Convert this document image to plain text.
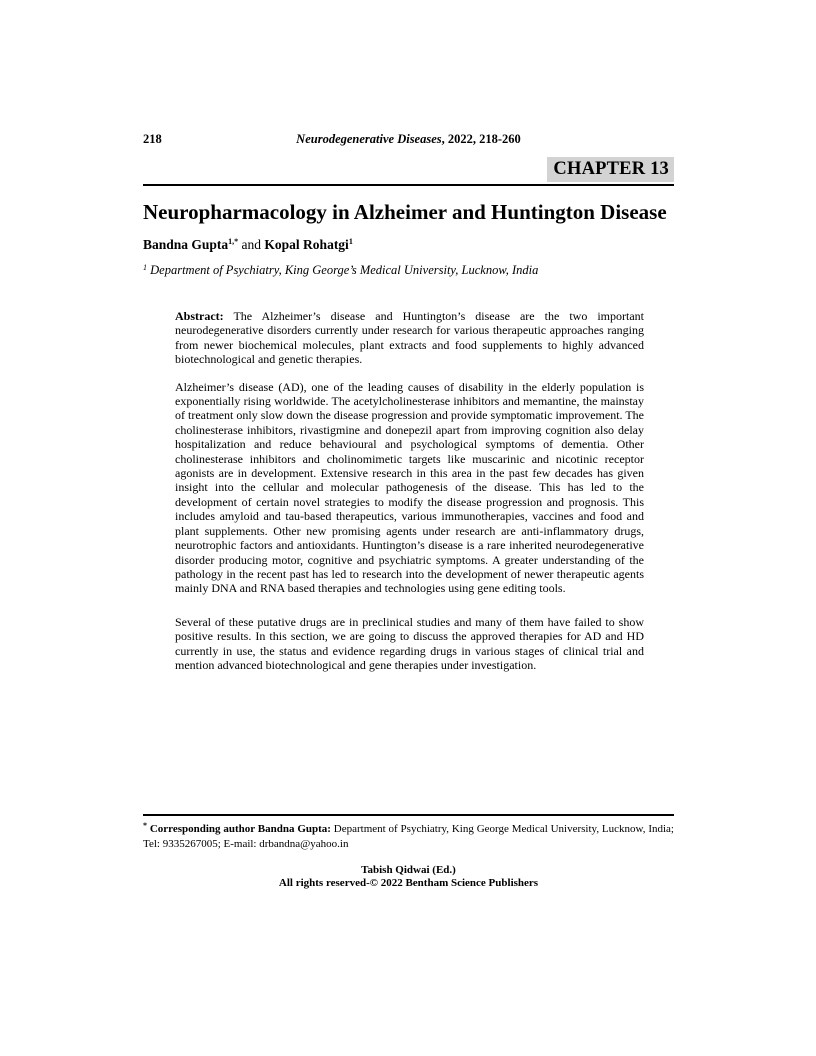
218	Neurodegenerative Diseases, 2022, 218-260
CHAPTER 13
Neuropharmacology in Alzheimer and Huntington Disease
Bandna Gupta$^{1,*}$ and Kopal Rohatgi$^1$
$^1$ Department of Psychiatry, King George’s Medical University, Lucknow, India

Abstract: The Alzheimer’s disease and Huntington’s disease are the two important neurodegenerative disorders currently under research for various therapeutic approaches ranging from newer biochemical molecules, plant extracts and food supplements to highly advanced biotechnological and genetic therapies.

Alzheimer’s disease (AD), one of the leading causes of disability in the elderly population is exponentially rising worldwide. The acetylcholinesterase inhibitors and memantine, the mainstay of treatment only slow down the disease progression and provide symptomatic improvement. The cholinesterase inhibitors, rivastigmine and donepezil apart from improving cognition also delay hospitalization and reduce behavioural and psychological symptoms of dementia. Other cholinesterase inhibitors and cholinomimetic targets like muscarinic and nicotinic receptor agonists are in development. Extensive research in this area in the past few decades has given insight into the cellular and molecular pathogenesis of the disease. This has led to the development of certain novel strategies to modify the disease progression and prognosis. This includes amyloid and tau-based therapeutics, various immunotherapies, vaccines and food and plant supplements. Other new promising agents under research are anti-inflammatory drugs, neurotrophic factors and antioxidants. Huntington’s disease is a rare inherited neurodegenerative disorder producing motor, cognitive and psychiatric symptoms. A greater understanding of the pathology in the recent past has led to research into the development of newer therapeutic agents mainly DNA and RNA based therapies and technologies using gene editing tools.

Several of these putative drugs are in preclinical studies and many of them have failed to show positive results. In this section, we are going to discuss the approved therapies for AD and HD currently in use, the status and evidence regarding drugs in various stages of clinical trial and mention advanced biotechnological and gene therapies under investigation.

* Corresponding author Bandna Gupta: Department of Psychiatry, King George Medical University, Lucknow, India; Tel: 9335267005; E-mail: drbandna@yahoo.in
Tabish Qidwai (Ed.)
All rights reserved-© 2022 Bentham Science Publishers
